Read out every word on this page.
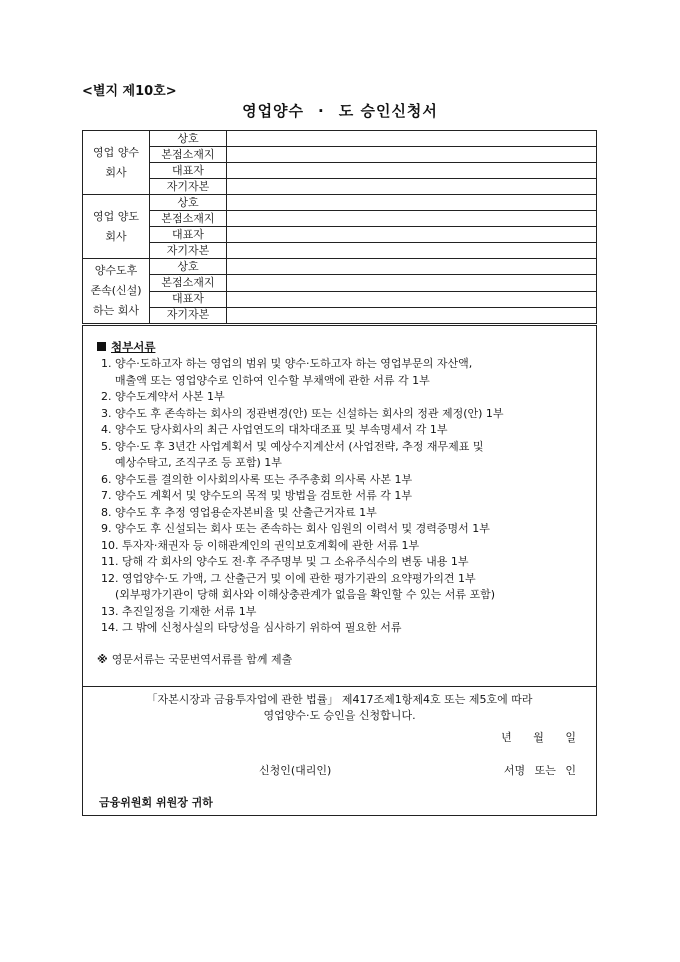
<별지 제10호>
영업양수 · 도 승인신청서
영업 양수
회사	상호	
	본점소재지	
	대표자	
	자기자본	

영업 양도
회사	상호	
	본점소재지	
	대표자	
	자기자본	

양수도후
존속(신설)
하는 회사	상호	
	본점소재지	
	대표자	
	자기자본	
첨부서류
1. 양수·도하고자 하는 영업의 범위 및 양수·도하고자 하는 영업부문의 자산액,
매출액 또는 영업양수로 인하여 인수할 부채액에 관한 서류 각 1부
2. 양수도계약서 사본 1부
3. 양수도 후 존속하는 회사의 정관변경(안) 또는 신설하는 회사의 정관 제정(안) 1부
4. 양수도 당사회사의 최근 사업연도의 대차대조표 및 부속명세서 각 1부
5. 양수·도 후 3년간 사업계획서 및 예상수지계산서 (사업전략, 추정 재무제표 및
예상수탁고, 조직구조 등 포함) 1부
6. 양수도를 결의한 이사회의사록 또는 주주총회 의사록 사본 1부
7. 양수도 계획서 및 양수도의 목적 및 방법을 검토한 서류 각 1부
8. 양수도 후 추정 영업용순자본비율 및 산출근거자료 1부
9. 양수도 후 신설되는 회사 또는 존속하는 회사 임원의 이력서 및 경력증명서 1부
10. 투자자·채권자 등 이해관계인의 권익보호계획에 관한 서류 1부
11. 당해 각 회사의 양수도 전·후 주주명부 및 그 소유주식수의 변동 내용 1부
12. 영업양수·도 가액, 그 산출근거 및 이에 관한 평가기관의 요약평가의견 1부
(외부평가기관이 당해 회사와 이해상충관계가 없음을 확인할 수 있는 서류 포함)
13. 추진일정을 기재한 서류 1부
14. 그 밖에 신청사실의 타당성을 심사하기 위하여 필요한 서류
※ 영문서류는 국문번역서류를 함께 제출
「자본시장과 금융투자업에 관한 법률」 제417조제1항제4호 또는 제5호에 따라
영업양수·도 승인을 신청합니다.
년 월 일
신청인(대리인)	서명 또는 인
금융위원회 위원장 귀하
